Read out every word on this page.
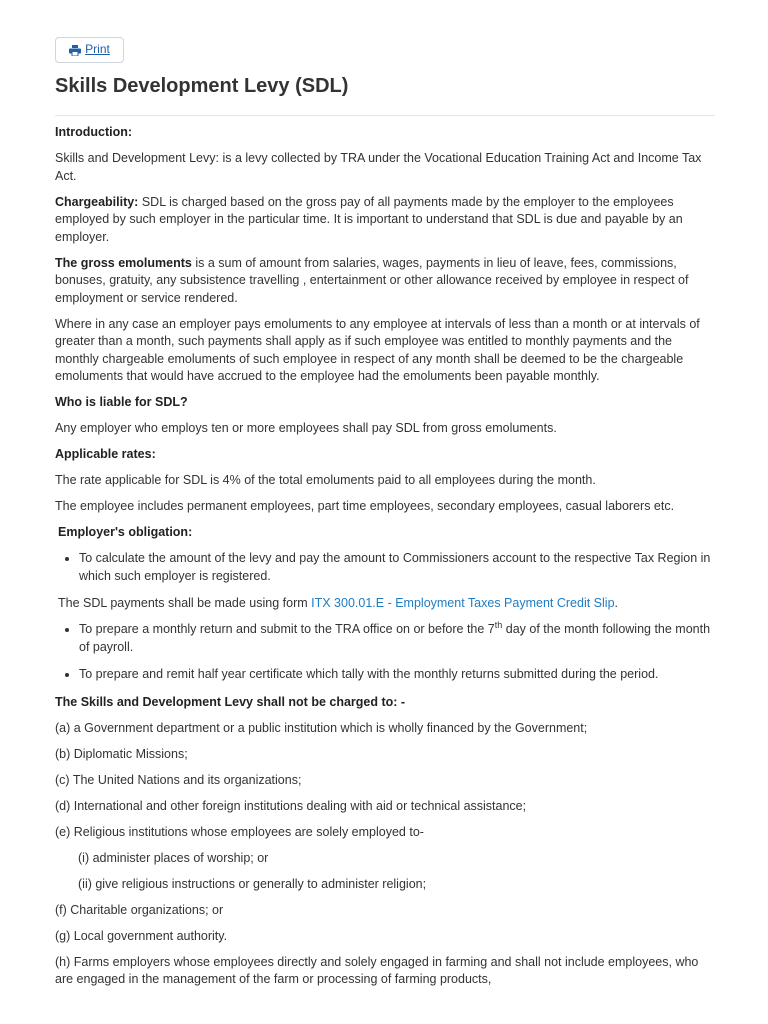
Print
Skills Development Levy (SDL)

Introduction:

Skills and Development Levy: is a levy collected by TRA under the Vocational Education Training Act and Income Tax Act.

Chargeability: SDL is charged based on the gross pay of all payments made by the employer to the employees employed by such employer in the particular time. It is important to understand that SDL is due and payable by an employer.

The gross emoluments is a sum of amount from salaries, wages, payments in lieu of leave, fees, commissions, bonuses, gratuity, any subsistence travelling , entertainment or other allowance received by employee in respect of employment or service rendered.

Where in any case an employer pays emoluments to any employee at intervals of less than a month or at intervals of greater than a month, such payments shall apply as if such employee was entitled to monthly payments and the monthly chargeable emoluments of such employee in respect of any month shall be deemed to be the chargeable emoluments that would have accrued to the employee had the emoluments been payable monthly.

Who is liable for SDL?

Any employer who employs ten or more employees shall pay SDL from gross emoluments.

Applicable rates:

The rate applicable for SDL is 4% of the total emoluments paid to all employees during the month.

The employee includes permanent employees, part time employees, secondary employees, casual laborers etc.

Employer's obligation:

• To calculate the amount of the levy and pay the amount to Commissioners account to the respective Tax Region in which such employer is registered.

The SDL payments shall be made using form ITX 300.01.E - Employment Taxes Payment Credit Slip.

• To prepare a monthly return and submit to the TRA office on or before the 7th day of the month following the month of payroll.
• To prepare and remit half year certificate which tally with the monthly returns submitted during the period.

The Skills and Development Levy shall not be charged to: -

(a) a Government department or a public institution which is wholly financed by the Government;

(b) Diplomatic Missions;

(c) The United Nations and its organizations;

(d) International and other foreign institutions dealing with aid or technical assistance;

(e) Religious institutions whose employees are solely employed to-

(i) administer places of worship; or

(ii) give religious instructions or generally to administer religion;

(f) Charitable organizations; or

(g) Local government authority.

(h) Farms employers whose employees directly and solely engaged in farming and shall not include employees, who are engaged in the management of the farm or processing of farming products,
